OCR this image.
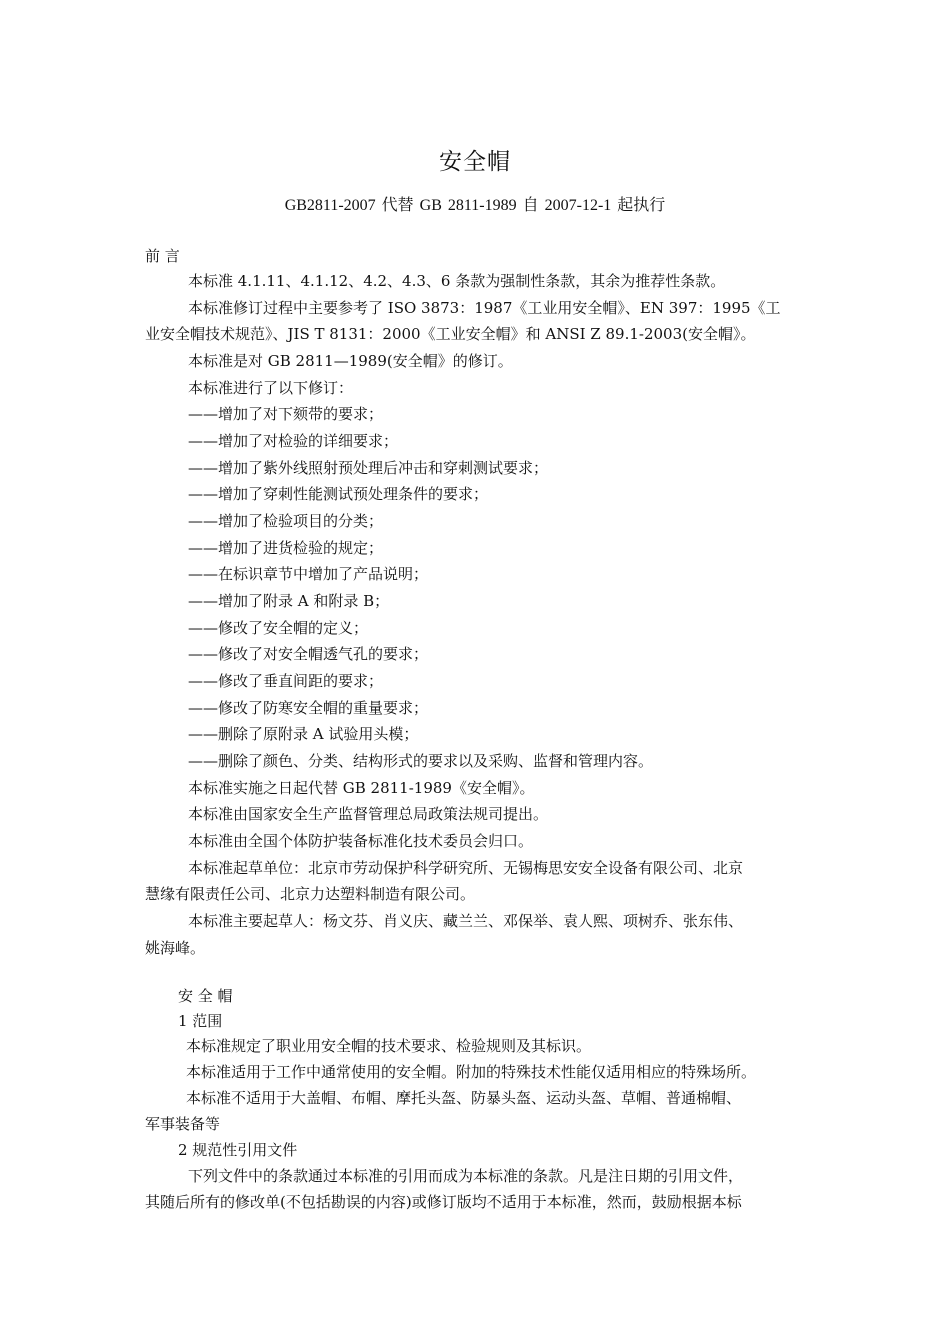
安全帽
GB2811-2007 代替 GB 2811-1989 自 2007-12-1 起执行
前 言
本标准 4.1.11、4.1.12、4.2、4.3、6 条款为强制性条款，其余为推荐性条款。
本标准修订过程中主要参考了 ISO 3873：1987《工业用安全帽》、EN 397：1995《工
业安全帽技术规范》、JIS T 8131：2000《工业安全帽》和 ANSI Z 89.1-2003(安全帽》。
本标准是对 GB 2811—1989(安全帽》的修订。
本标准进行了以下修订：
——增加了对下颏带的要求；
——增加了对检验的详细要求；
——增加了紫外线照射预处理后冲击和穿刺测试要求；
——增加了穿刺性能测试预处理条件的要求；
——增加了检验项目的分类；
——增加了进货检验的规定；
——在标识章节中增加了产品说明；
——增加了附录 A 和附录 B；
——修改了安全帽的定义；
——修改了对安全帽透气孔的要求；
——修改了垂直间距的要求；
——修改了防寒安全帽的重量要求；
——删除了原附录 A 试验用头模；
——删除了颜色、分类、结构形式的要求以及采购、监督和管理内容。
本标准实施之日起代替 GB 2811-1989《安全帽》。
本标准由国家安全生产监督管理总局政策法规司提出。
本标准由全国个体防护装备标准化技术委员会归口。
本标准起草单位：北京市劳动保护科学研究所、无锡梅思安安全设备有限公司、北京
慧缘有限责任公司、北京力达塑料制造有限公司。
本标准主要起草人：杨文芬、肖义庆、藏兰兰、邓保举、袁人熙、项树乔、张东伟、
姚海峰。
安 全 帽
1 范围
本标准规定了职业用安全帽的技术要求、检验规则及其标识。
本标准适用于工作中通常使用的安全帽。附加的特殊技术性能仅适用相应的特殊场所。
本标准不适用于大盖帽、布帽、摩托头盔、防暴头盔、运动头盔、草帽、普通棉帽、
军事装备等
2 规范性引用文件
下列文件中的条款通过本标准的引用而成为本标准的条款。凡是注日期的引用文件，
其随后所有的修改单(不包括勘误的内容)或修订版均不适用于本标准，然而，鼓励根据本标
